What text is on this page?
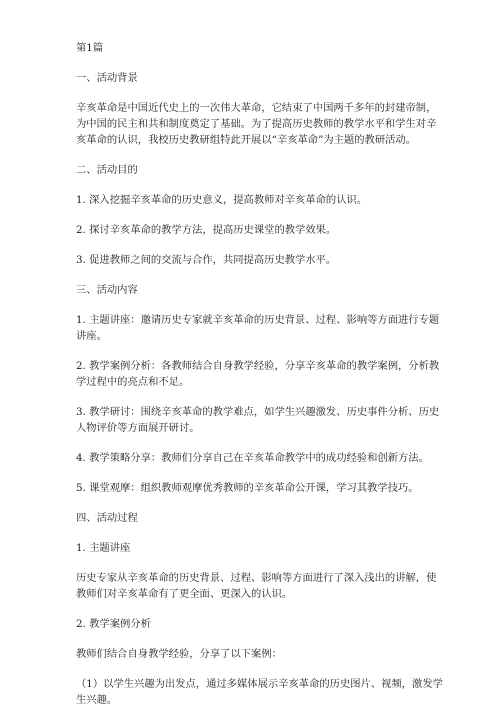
第1篇

一、活动背景

辛亥革命是中国近代史上的一次伟大革命，它结束了中国两千多年的封建帝制，为中国的民主和共和制度奠定了基础。为了提高历史教师的教学水平和学生对辛亥革命的认识，我校历史教研组特此开展以“辛亥革命”为主题的教研活动。

二、活动目的

1. 深入挖掘辛亥革命的历史意义，提高教师对辛亥革命的认识。

2. 探讨辛亥革命的教学方法，提高历史课堂的教学效果。

3. 促进教师之间的交流与合作，共同提高历史教学水平。

三、活动内容

1. 主题讲座：邀请历史专家就辛亥革命的历史背景、过程、影响等方面进行专题讲座。

2. 教学案例分析：各教师结合自身教学经验，分享辛亥革命的教学案例，分析教学过程中的亮点和不足。

3. 教学研讨：围绕辛亥革命的教学难点，如学生兴趣激发、历史事件分析、历史人物评价等方面展开研讨。

4. 教学策略分享：教师们分享自己在辛亥革命教学中的成功经验和创新方法。

5. 课堂观摩：组织教师观摩优秀教师的辛亥革命公开课，学习其教学技巧。

四、活动过程

1. 主题讲座

历史专家从辛亥革命的历史背景、过程、影响等方面进行了深入浅出的讲解，使教师们对辛亥革命有了更全面、更深入的认识。

2. 教学案例分析

教师们结合自身教学经验，分享了以下案例：

（1）以学生兴趣为出发点，通过多媒体展示辛亥革命的历史图片、视频，激发学生兴趣。
